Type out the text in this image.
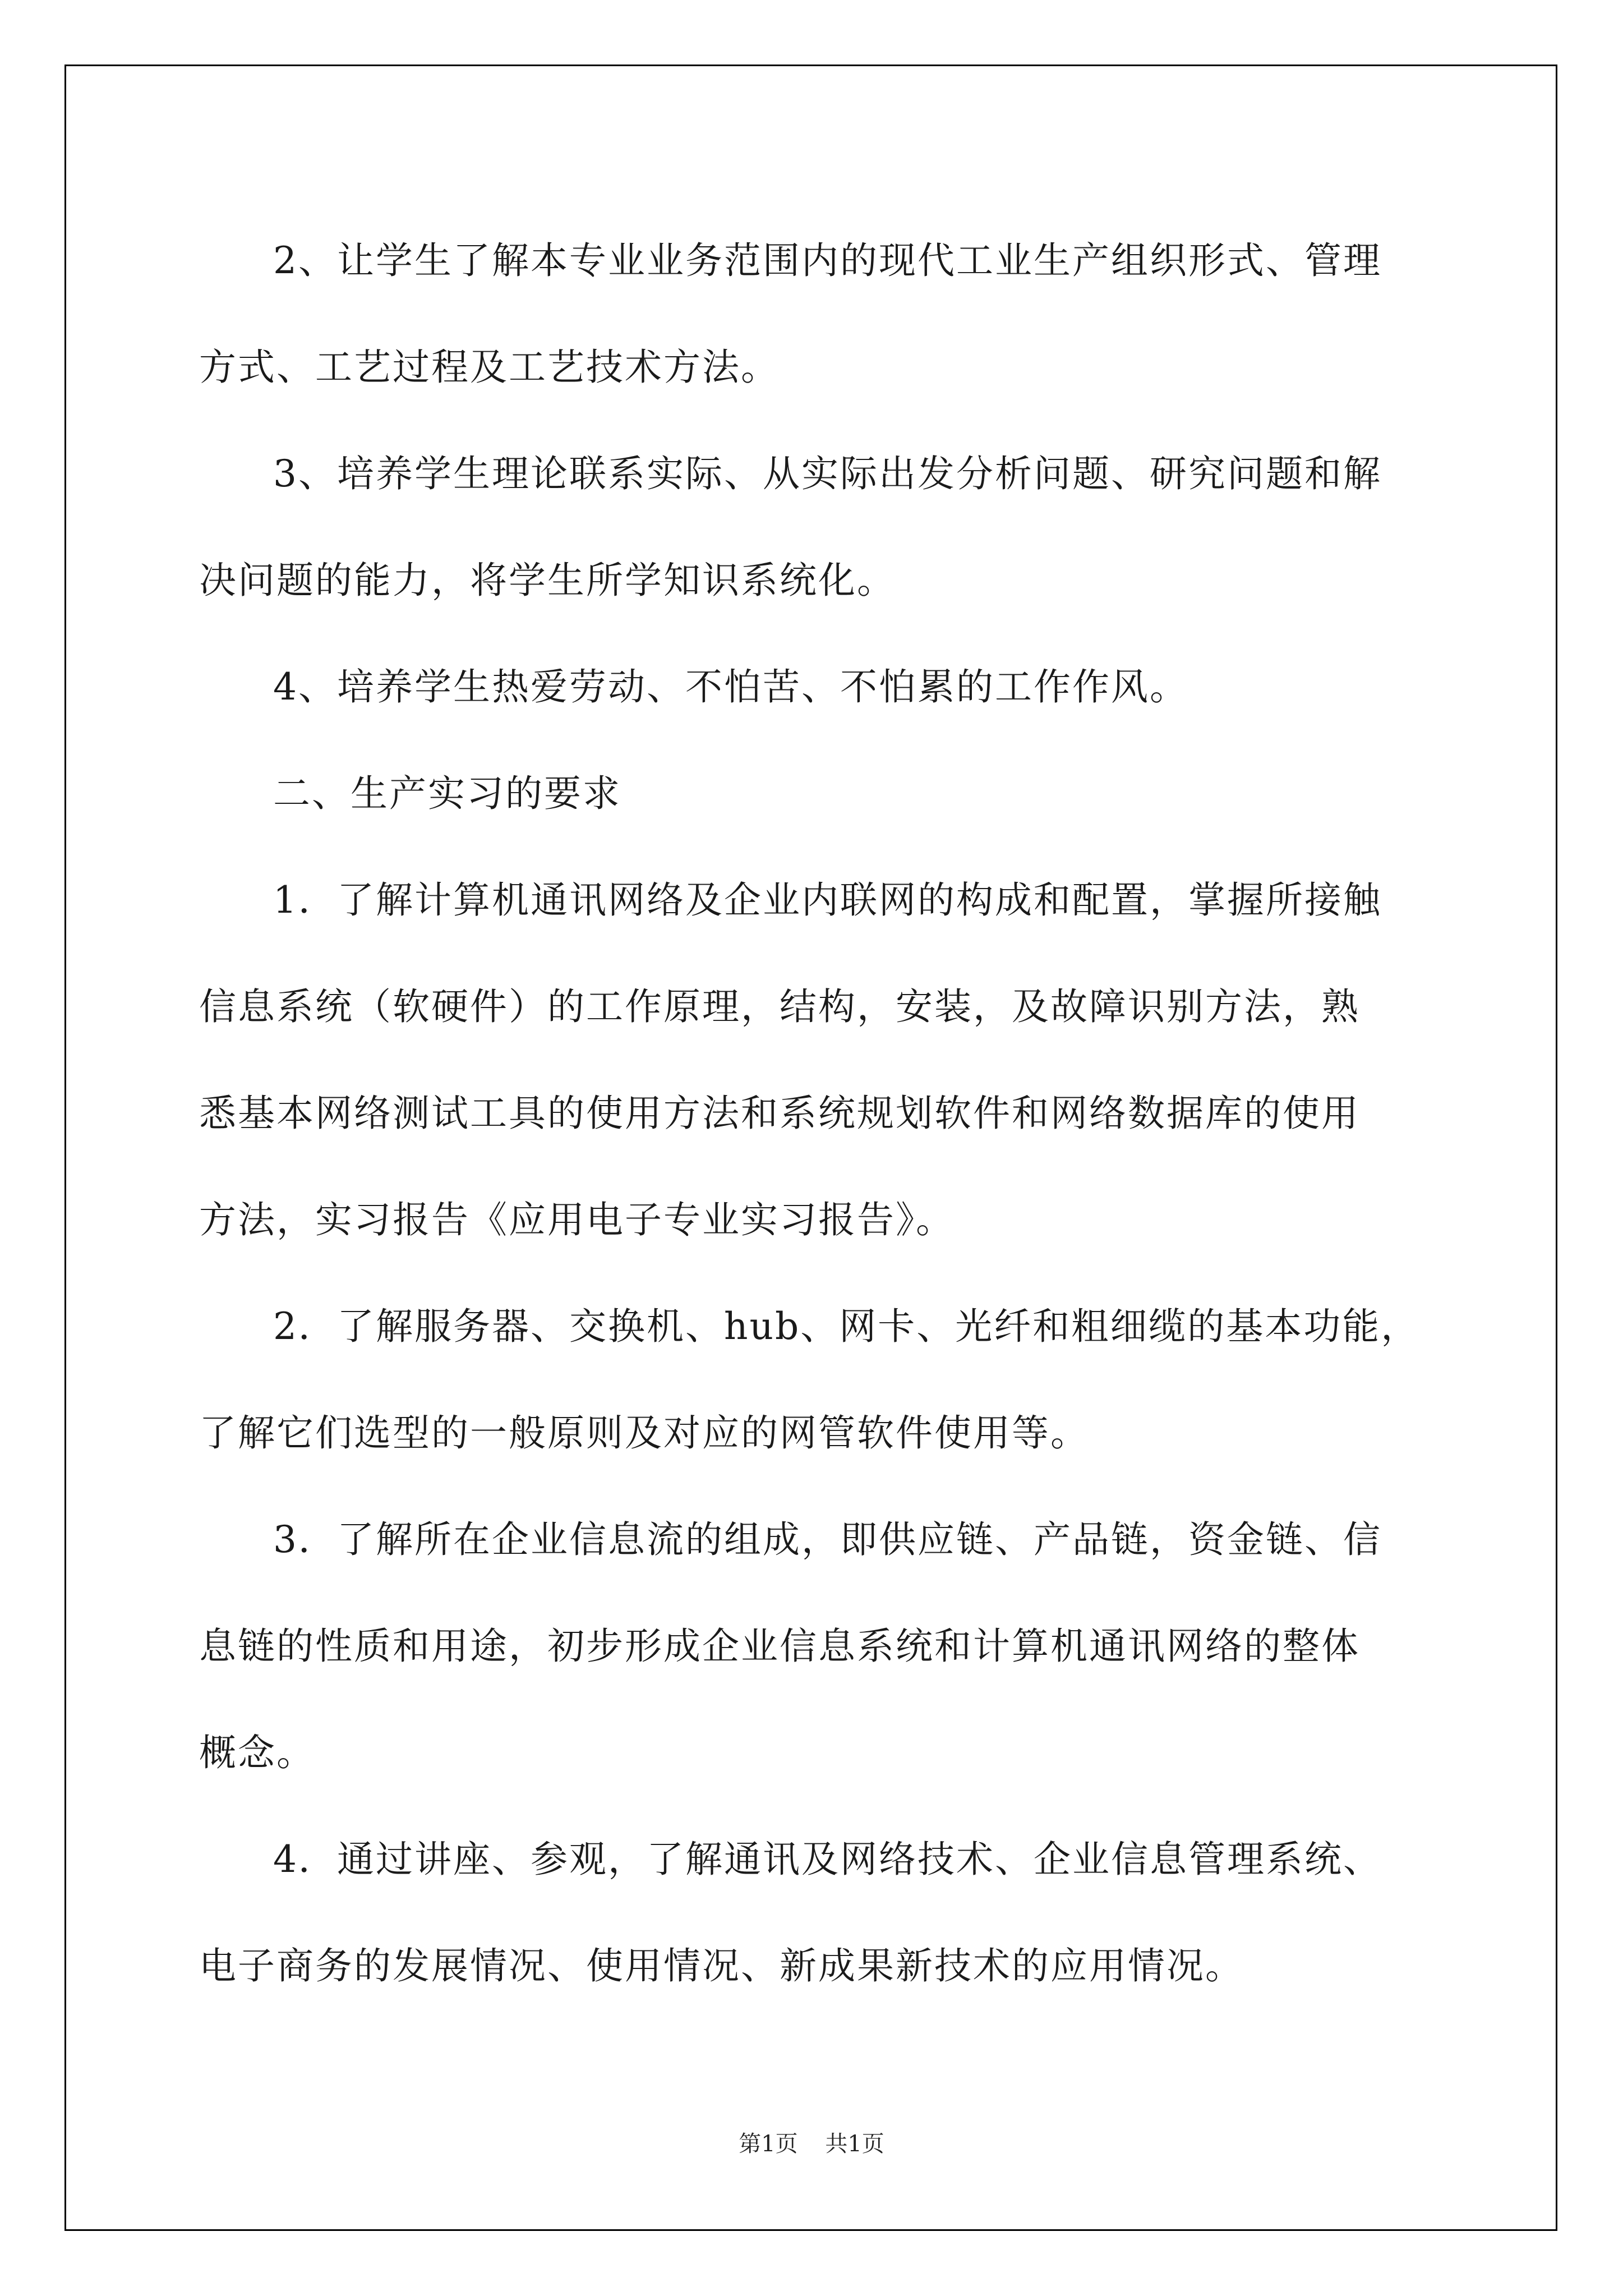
2、让学生了解本专业业务范围内的现代工业生产组织形式、管理
方式、工艺过程及工艺技术方法。
3、培养学生理论联系实际、从实际出发分析问题、研究问题和解
决问题的能力，将学生所学知识系统化。
4、培养学生热爱劳动、不怕苦、不怕累的工作作风。
二、生产实习的要求
1．了解计算机通讯网络及企业内联网的构成和配置，掌握所接触
信息系统（软硬件）的工作原理，结构，安装，及故障识别方法，熟
悉基本网络测试工具的使用方法和系统规划软件和网络数据库的使用
方法，实习报告《应用电子专业实习报告》。
2．了解服务器、交换机、hub、网卡、光纤和粗细缆的基本功能，
了解它们选型的一般原则及对应的网管软件使用等。
3．了解所在企业信息流的组成，即供应链、产品链，资金链、信
息链的性质和用途，初步形成企业信息系统和计算机通讯网络的整体
概念。
4．通过讲座、参观，了解通讯及网络技术、企业信息管理系统、
电子商务的发展情况、使用情况、新成果新技术的应用情况。
第1页 共1页
